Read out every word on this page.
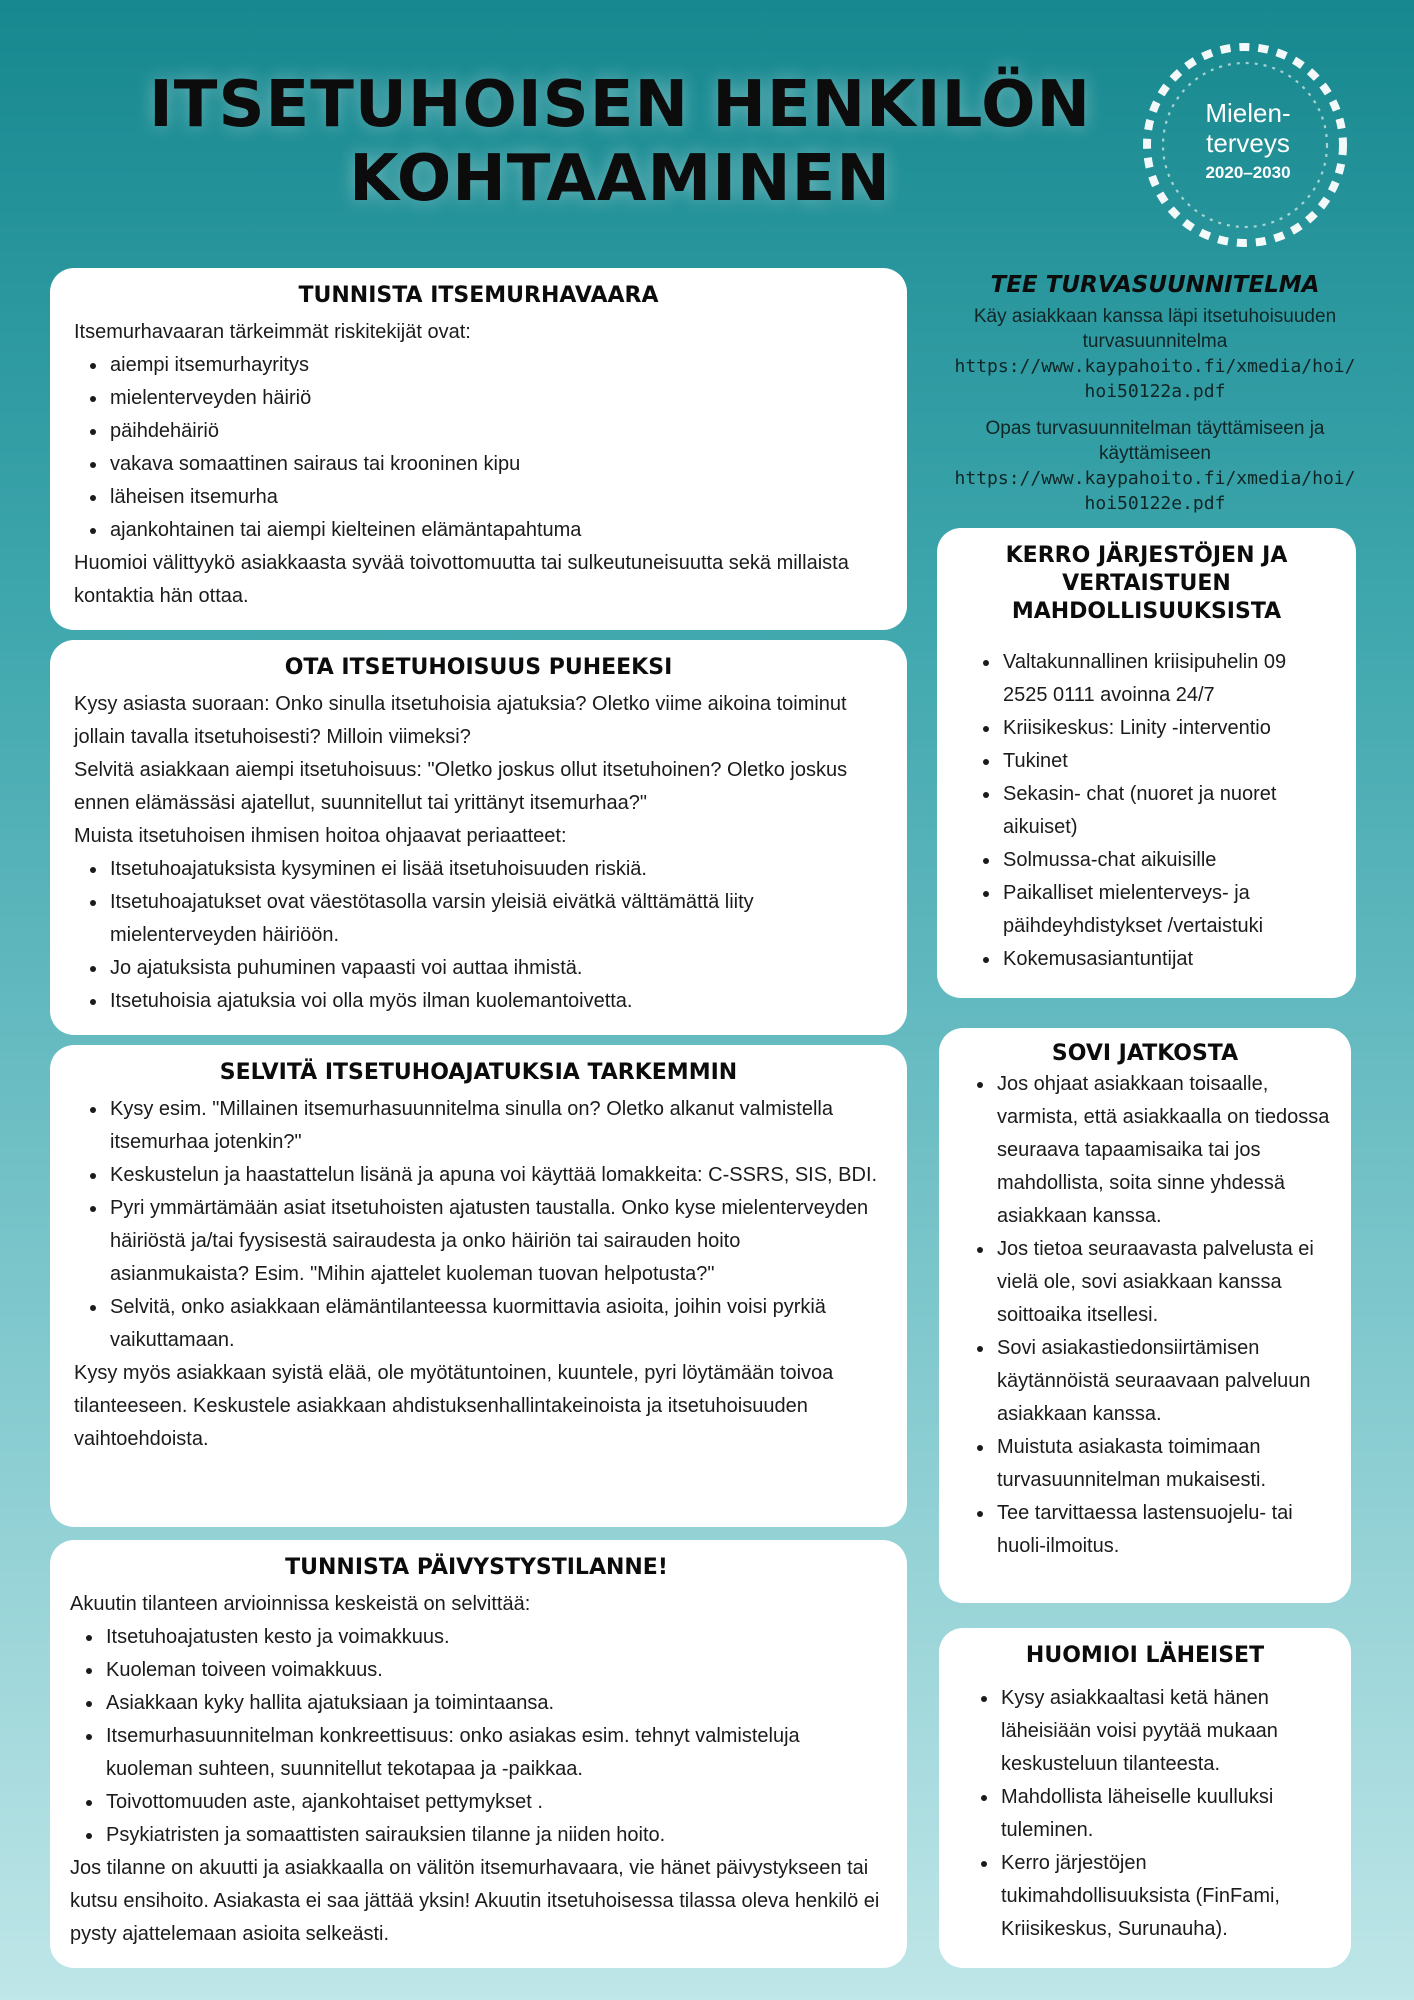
ITSETUHOISEN HENKILÖN
KOHTAAMINEN
Mielen-
terveys
2020–2030
TUNNISTA ITSEMURHAVAARA

Itsemurhavaaran tärkeimmät riskitekijät ovat:

• aiempi itsemurhayritys
• mielenterveyden häiriö
• päihdehäiriö
• vakava somaattinen sairaus tai krooninen kipu
• läheisen itsemurha
• ajankohtainen tai aiempi kielteinen elämäntapahtuma

Huomioi välittyykö asiakkaasta syvää toivottomuutta tai sulkeutuneisuutta sekä millaista kontaktia hän ottaa.

OTA ITSETUHOISUUS PUHEEKSI

Kysy asiasta suoraan: Onko sinulla itsetuhoisia ajatuksia? Oletko viime aikoina toiminut jollain tavalla itsetuhoisesti? Milloin viimeksi?

Selvitä asiakkaan aiempi itsetuhoisuus: "Oletko joskus ollut itsetuhoinen? Oletko joskus ennen elämässäsi ajatellut, suunnitellut tai yrittänyt itsemurhaa?"

Muista itsetuhoisen ihmisen hoitoa ohjaavat periaatteet:

• Itsetuhoajatuksista kysyminen ei lisää itsetuhoisuuden riskiä.
• Itsetuhoajatukset ovat väestötasolla varsin yleisiä eivätkä välttämättä liity mielenterveyden häiriöön.
• Jo ajatuksista puhuminen vapaasti voi auttaa ihmistä.
• Itsetuhoisia ajatuksia voi olla myös ilman kuolemantoivetta.
SELVITÄ ITSETUHOAJATUKSIA TARKEMMIN
• Kysy esim. "Millainen itsemurhasuunnitelma sinulla on? Oletko alkanut valmistella itsemurhaa jotenkin?"
• Keskustelun ja haastattelun lisänä ja apuna voi käyttää lomakkeita: C-SSRS, SIS, BDI.
• Pyri ymmärtämään asiat itsetuhoisten ajatusten taustalla. Onko kyse mielenterveyden häiriöstä ja/tai fyysisestä sairaudesta ja onko häiriön tai sairauden hoito asianmukaista? Esim. "Mihin ajattelet kuoleman tuovan helpotusta?"
• Selvitä, onko asiakkaan elämäntilanteessa kuormittavia asioita, joihin voisi pyrkiä vaikuttamaan.

Kysy myös asiakkaan syistä elää, ole myötätuntoinen, kuuntele, pyri löytämään toivoa tilanteeseen. Keskustele asiakkaan ahdistuksenhallintakeinoista ja itsetuhoisuuden vaihtoehdoista.

TUNNISTA PÄIVYSTYSTILANNE!

Akuutin tilanteen arvioinnissa keskeistä on selvittää:

• Itsetuhoajatusten kesto ja voimakkuus.
• Kuoleman toiveen voimakkuus.
• Asiakkaan kyky hallita ajatuksiaan ja toimintaansa.
• Itsemurhasuunnitelman konkreettisuus: onko asiakas esim. tehnyt valmisteluja kuoleman suhteen, suunnitellut tekotapaa ja -paikkaa.
• Toivottomuuden aste, ajankohtaiset pettymykset .
• Psykiatristen ja somaattisten sairauksien tilanne ja niiden hoito.

Jos tilanne on akuutti ja asiakkaalla on välitön itsemurhavaara, vie hänet päivystykseen tai kutsu ensihoito. Asiakasta ei saa jättää yksin! Akuutin itsetuhoisessa tilassa oleva henkilö ei pysty ajattelemaan asioita selkeästi.

TEE TURVASUUNNITELMA

Käy asiakkaan kanssa läpi itsetuhoisuuden turvasuunnitelma

https://www.kaypahoito.fi/xmedia/hoi/

hoi50122a.pdf

Opas turvasuunnitelman täyttämiseen ja käyttämiseen

https://www.kaypahoito.fi/xmedia/hoi/

hoi50122e.pdf

KERRO JÄRJESTÖJEN JA VERTAISTUEN MAHDOLLISUUKSISTA
• Valtakunnallinen kriisipuhelin 09 2525 0111 avoinna 24/7
• Kriisikeskus: Linity -interventio
• Tukinet
• Sekasin- chat (nuoret ja nuoret aikuiset)
• Solmussa-chat aikuisille
• Paikalliset mielenterveys- ja päihdeyhdistykset /vertaistuki
• Kokemusasiantuntijat
SOVI JATKOSTA
• Jos ohjaat asiakkaan toisaalle, varmista, että asiakkaalla on tiedossa seuraava tapaamisaika tai jos mahdollista, soita sinne yhdessä asiakkaan kanssa.
• Jos tietoa seuraavasta palvelusta ei vielä ole, sovi asiakkaan kanssa soittoaika itsellesi.
• Sovi asiakastiedonsiirtämisen käytännöistä seuraavaan palveluun asiakkaan kanssa.
• Muistuta asiakasta toimimaan turvasuunnitelman mukaisesti.
• Tee tarvittaessa lastensuojelu- tai huoli-ilmoitus.
HUOMIOI LÄHEISET
• Kysy asiakkaaltasi ketä hänen läheisiään voisi pyytää mukaan keskusteluun tilanteesta.
• Mahdollista läheiselle kuulluksi tuleminen.
• Kerro järjestöjen tukimahdollisuuksista (FinFami, Kriisikeskus, Surunauha).
